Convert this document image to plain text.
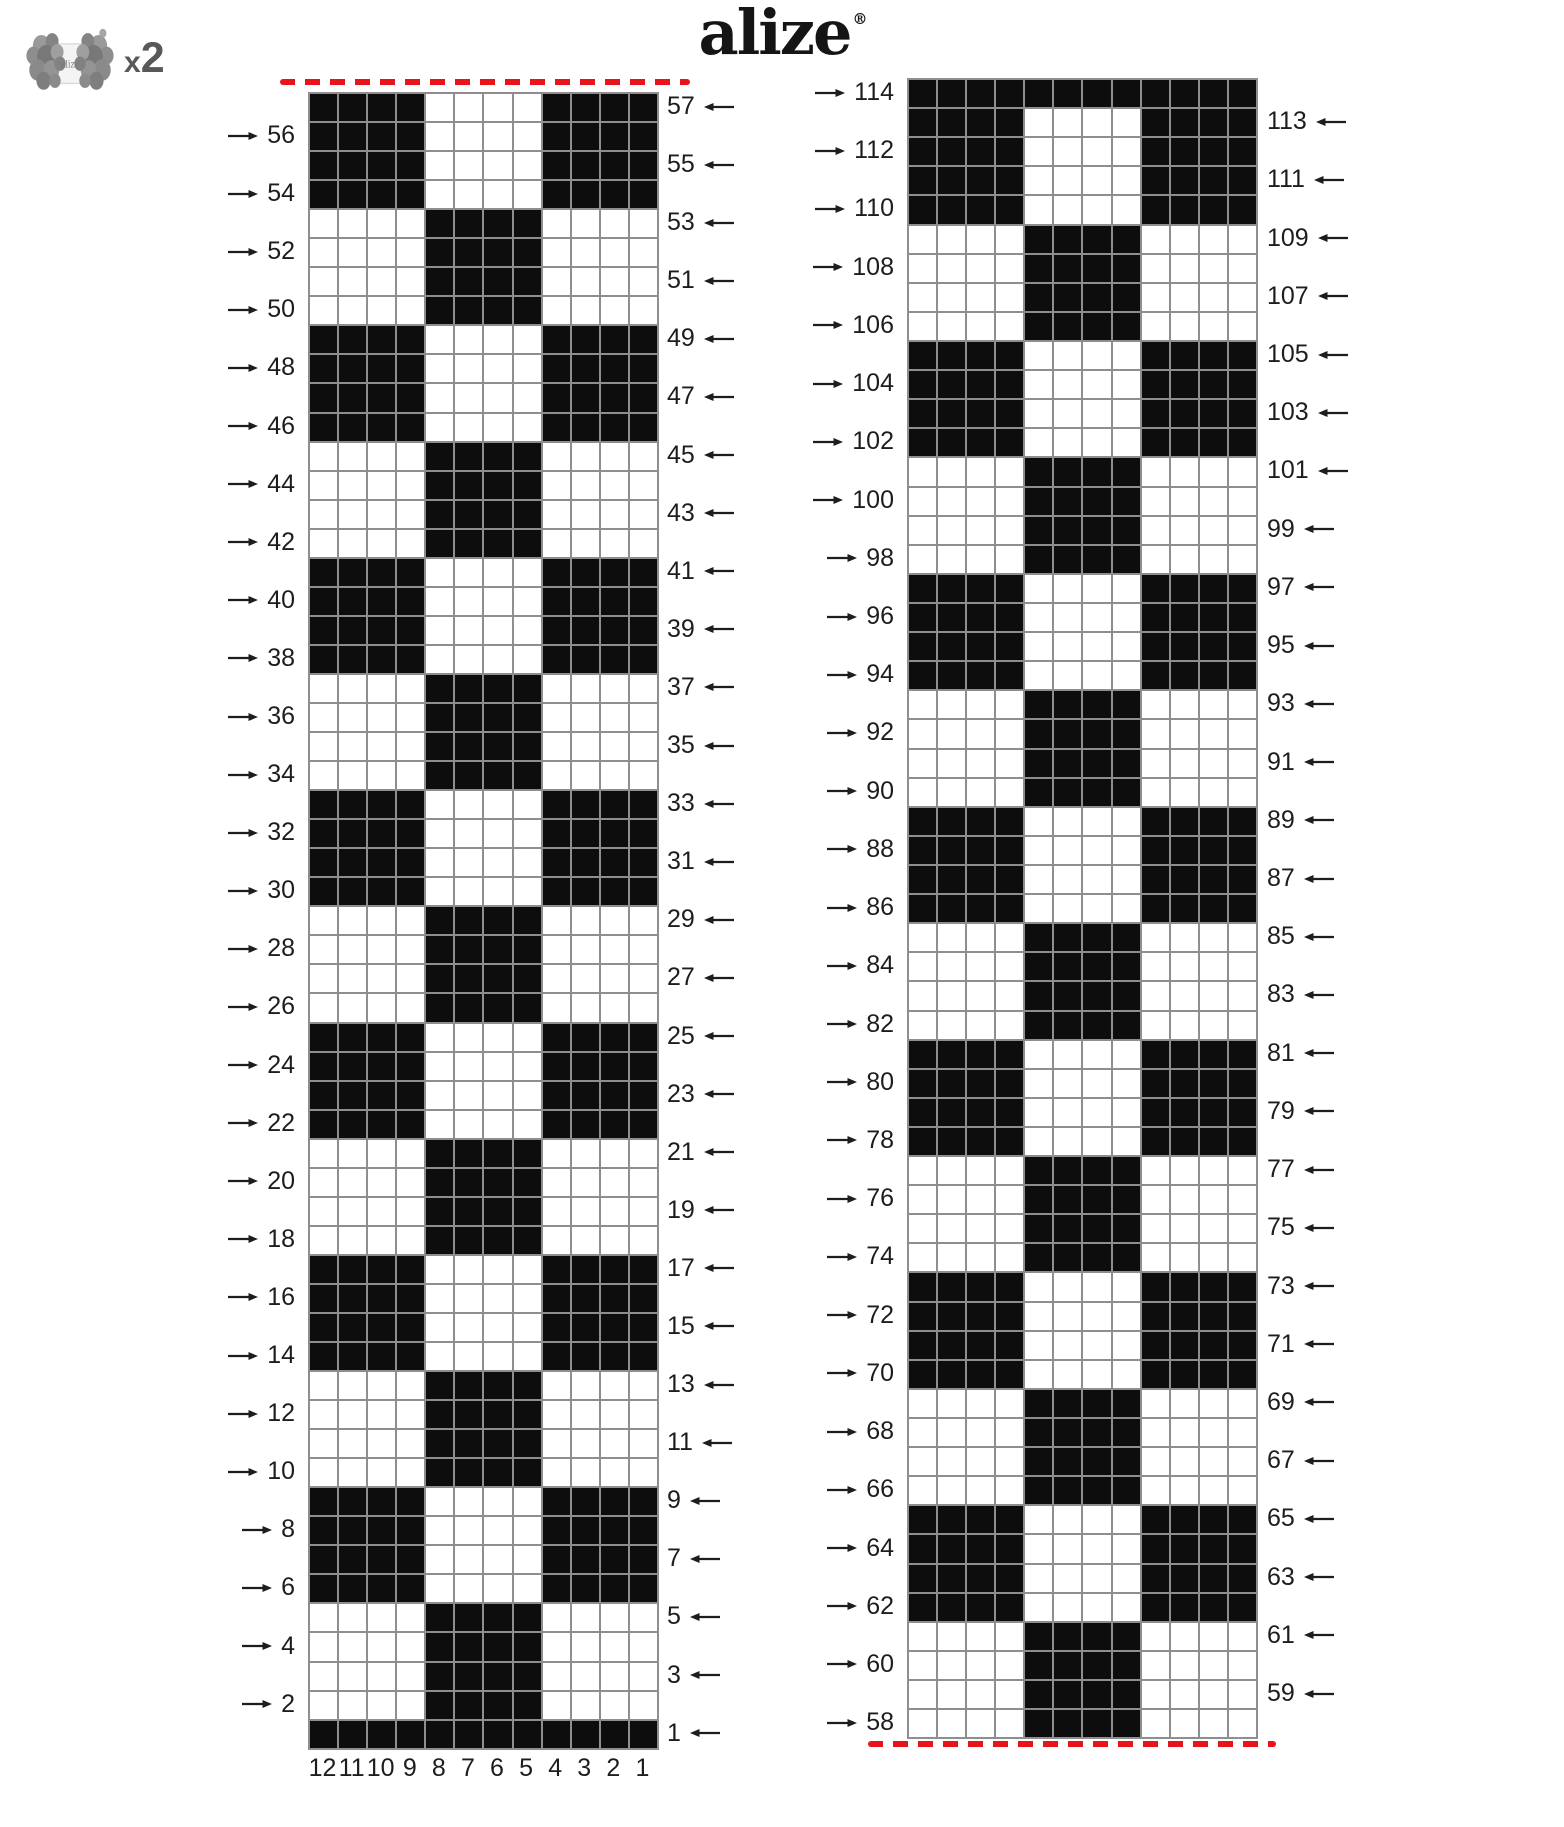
alize x2	alize ®
56
54
52
50
48
46
44
42
40
38
36
34
32
30
28
26
24
22
20
18
16
14
12
10
8
6
4
2
57
55
53
51
49
47
45
43
41
39
37
35
33
31
29
27
25
23
21
19
17
15
13
11
9
7
5
3
1
12 11 10 9 8 7 6 5 4 3 2 1
114
112
110
108
106
104
102
100
98
96
94
92
90
88
86
84
82
80
78
76
74
72
70
68
66
64
62
60
58
113
111
109
107
105
103
101
99
97
95
93
91
89
87
85
83
81
79
77
75
73
71
69
67
65
63
61
59
